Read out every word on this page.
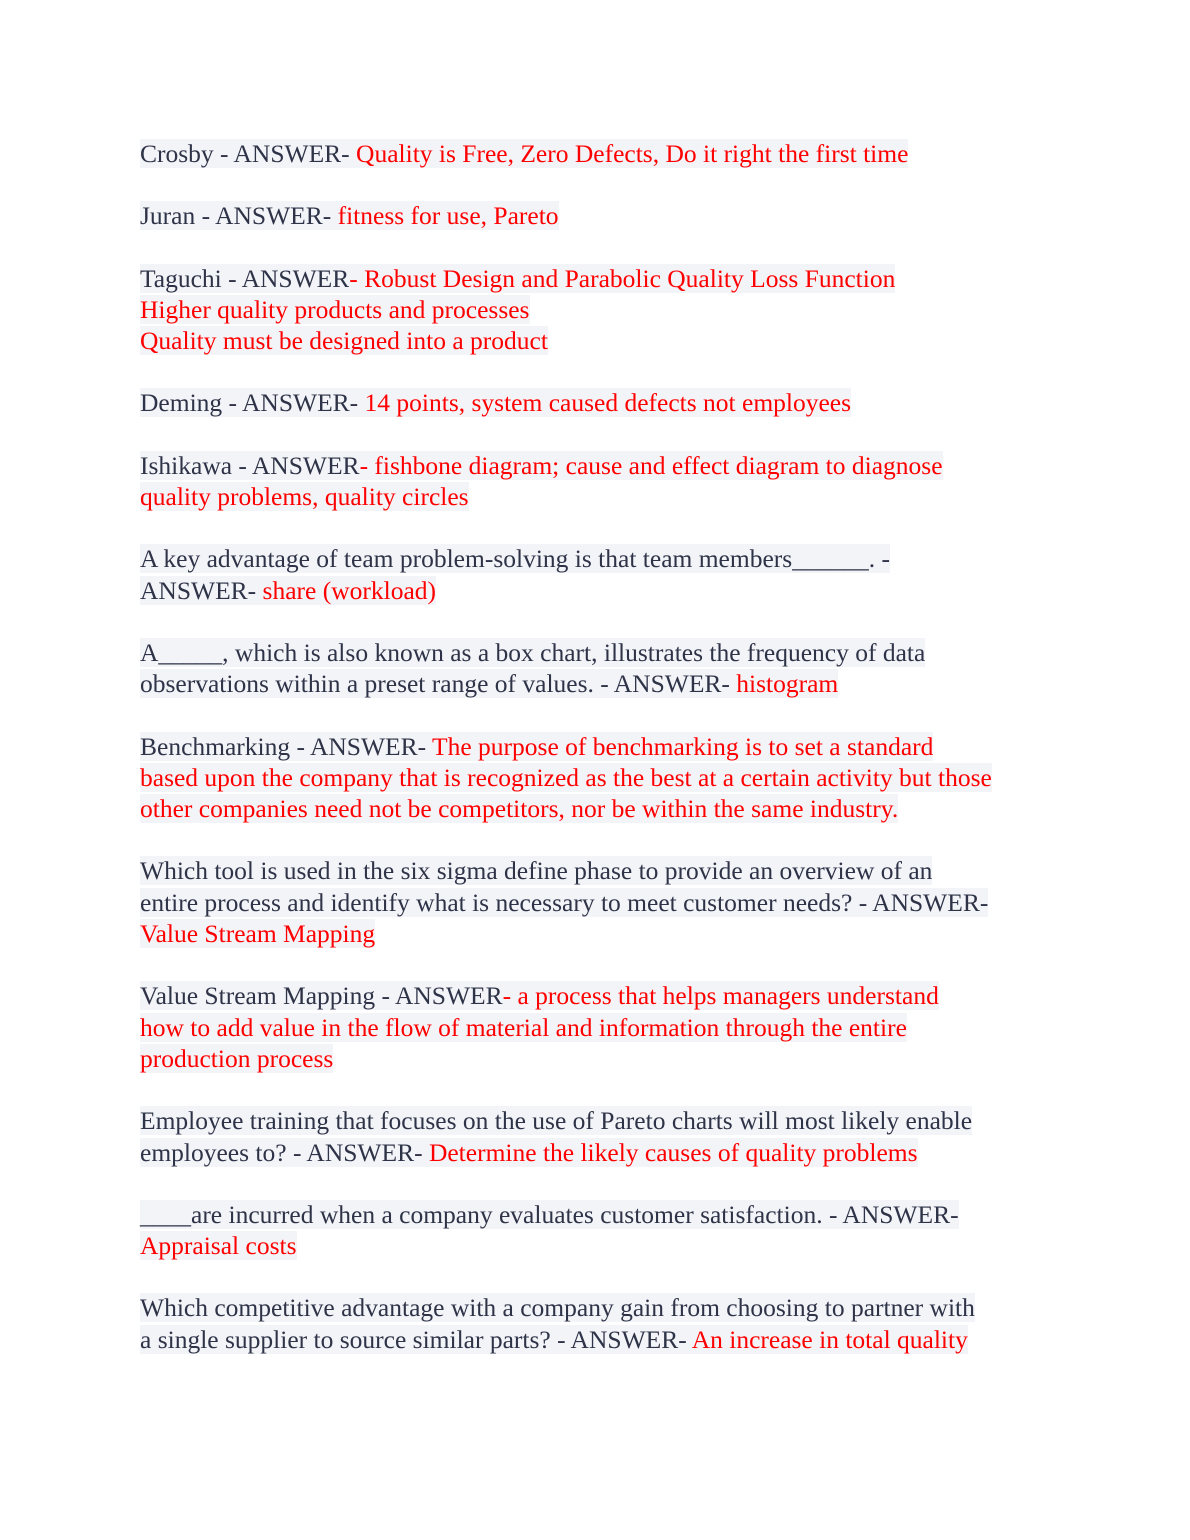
Crosby - ANSWER- Quality is Free, Zero Defects, Do it right the first time
Juran - ANSWER- fitness for use, Pareto
Taguchi - ANSWER- Robust Design and Parabolic Quality Loss Function
Higher quality products and processes
Quality must be designed into a product
Deming - ANSWER- 14 points, system caused defects not employees
Ishikawa - ANSWER- fishbone diagram; cause and effect diagram to diagnose
quality problems, quality circles
A key advantage of team problem-solving is that team members______. -
ANSWER- share (workload)
A_____, which is also known as a box chart, illustrates the frequency of data
observations within a preset range of values. - ANSWER- histogram
Benchmarking - ANSWER- The purpose of benchmarking is to set a standard
based upon the company that is recognized as the best at a certain activity but those
other companies need not be competitors, nor be within the same industry.
Which tool is used in the six sigma define phase to provide an overview of an
entire process and identify what is necessary to meet customer needs? - ANSWER-
Value Stream Mapping
Value Stream Mapping - ANSWER- a process that helps managers understand
how to add value in the flow of material and information through the entire
production process
Employee training that focuses on the use of Pareto charts will most likely enable
employees to? - ANSWER- Determine the likely causes of quality problems
____are incurred when a company evaluates customer satisfaction. - ANSWER-
Appraisal costs
Which competitive advantage with a company gain from choosing to partner with
a single supplier to source similar parts? - ANSWER- An increase in total quality
